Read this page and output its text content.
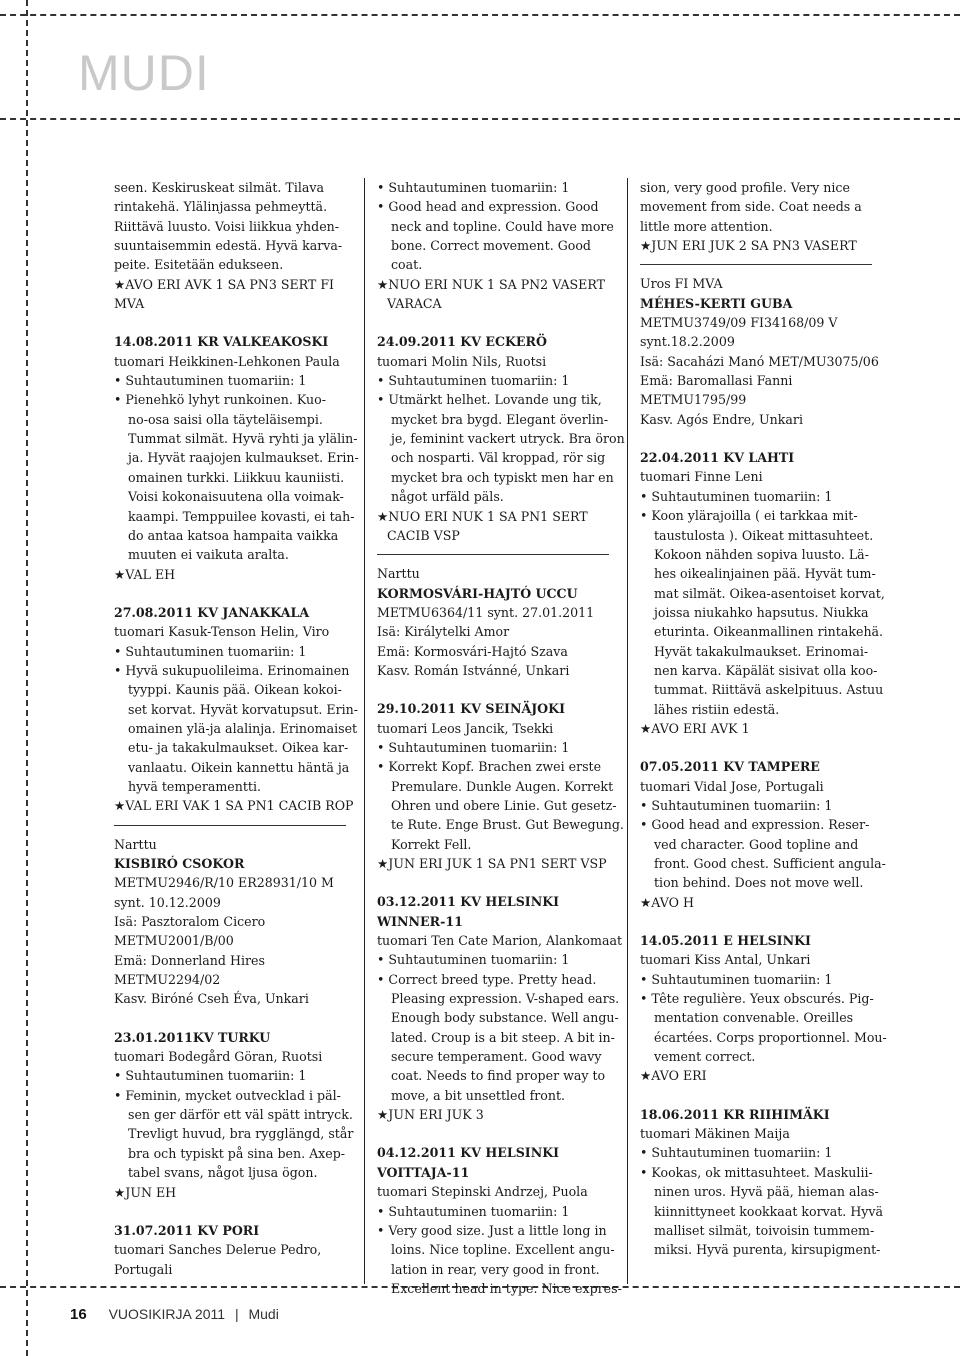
MUDI

seen. Keskiruskeat silmät. Tilava

rintakehä. Ylälinjassa pehmeyttä.

Riittävä luusto. Voisi liikkua yhden-

suuntaisemmin edestä. Hyvä karva-

peite. Esitetään edukseen.

★AVO ERI AVK 1 SA PN3 SERT FI MVA

14.08.2011 KR VALKEAKOSKI

tuomari Heikkinen-Lehkonen Paula

• Suhtautuminen tuomariin: 1

• Pienehkö lyhyt runkoinen. Kuo-

no-osa saisi olla täyteläisempi.

Tummat silmät. Hyvä ryhti ja ylälin-

ja. Hyvät raajojen kulmaukset. Erin-

omainen turkki. Liikkuu kauniisti.

Voisi kokonaisuutena olla voimak-

kaampi. Temppuilee kovasti, ei tah-

do antaa katsoa hampaita vaikka

muuten ei vaikuta aralta.

★VAL EH

27.08.2011 KV JANAKKALA

tuomari Kasuk-Tenson Helin, Viro

• Suhtautuminen tuomariin: 1

• Hyvä sukupuolileima. Erinomainen

tyyppi. Kaunis pää. Oikean kokoi-

set korvat. Hyvät korvatupsut. Erin-

omainen ylä-ja alalinja. Erinomaiset

etu- ja takakulmaukset. Oikea kar-

vanlaatu. Oikein kannettu häntä ja

hyvä temperamentti.

★VAL ERI VAK 1 SA PN1 CACIB ROP

Narttu

KISBIRÓ CSOKOR

METMU2946/R/10 ER28931/10 M

synt. 10.12.2009

Isä: Pasztoralom Cicero

METMU2001/B/00

Emä: Donnerland Hires

METMU2294/02

Kasv. Biróné Cseh Éva, Unkari

23.01.2011KV TURKU

tuomari Bodegård Göran, Ruotsi

• Suhtautuminen tuomariin: 1

• Feminin, mycket outvecklad i päl-

sen ger därför ett väl spätt intryck.

Trevligt huvud, bra rygglängd, står

bra och typiskt på sina ben. Axep-

tabel svans, något ljusa ögon.

★JUN EH

31.07.2011 KV PORI

tuomari Sanches Delerue Pedro,

Portugali

• Suhtautuminen tuomariin: 1

• Good head and expression. Good

neck and topline. Could have more

bone. Correct movement. Good

coat.

★NUO ERI NUK 1 SA PN2 VASERT

VARACA

24.09.2011 KV ECKERÖ

tuomari Molin Nils, Ruotsi

• Suhtautuminen tuomariin: 1

• Utmärkt helhet. Lovande ung tik,

mycket bra bygd. Elegant överlin-

je, feminint vackert utryck. Bra öron

och nosparti. Väl kroppad, rör sig

mycket bra och typiskt men har en

något urfäld päls.

★NUO ERI NUK 1 SA PN1 SERT

CACIB VSP

Narttu

KORMOSVÁRI-HAJTÓ UCCU

METMU6364/11 synt. 27.01.2011

Isä: Királytelki Amor

Emä: Kormosvári-Hajtó Szava

Kasv. Román Istvánné, Unkari

29.10.2011 KV SEINÄJOKI

tuomari Leos Jancik, Tsekki

• Suhtautuminen tuomariin: 1

• Korrekt Kopf. Brachen zwei erste

Premulare. Dunkle Augen. Korrekt

Ohren und obere Linie. Gut gesetz-

te Rute. Enge Brust. Gut Bewegung.

Korrekt Fell.

★JUN ERI JUK 1 SA PN1 SERT VSP

03.12.2011 KV HELSINKI WINNER-11

tuomari Ten Cate Marion, Alankomaat

• Suhtautuminen tuomariin: 1

• Correct breed type. Pretty head.

Pleasing expression. V-shaped ears.

Enough body substance. Well angu-

lated. Croup is a bit steep. A bit in-

secure temperament. Good wavy

coat. Needs to find proper way to

move, a bit unsettled front.

★JUN ERI JUK 3

04.12.2011 KV HELSINKI VOITTAJA-11

tuomari Stepinski Andrzej, Puola

• Suhtautuminen tuomariin: 1

• Very good size. Just a little long in

loins. Nice topline. Excellent angu-

lation in rear, very good in front.

Excellent head in type. Nice expres-

sion, very good profile. Very nice

movement from side. Coat needs a

little more attention.

★JUN ERI JUK 2 SA PN3 VASERT

Uros FI MVA

MÉHES-KERTI GUBA

METMU3749/09 FI34168/09 V

synt.18.2.2009

Isä: Sacaházi Manó MET/MU3075/06

Emä: Baromallasi Fanni

METMU1795/99

Kasv. Agós Endre, Unkari

22.04.2011 KV LAHTI

tuomari Finne Leni

• Suhtautuminen tuomariin: 1

• Koon ylärajoilla ( ei tarkkaa mit-

taustulosta ). Oikeat mittasuhteet.

Kokoon nähden sopiva luusto. Lä-

hes oikealinjainen pää. Hyvät tum-

mat silmät. Oikea-asentoiset korvat,

joissa niukahko hapsutus. Niukka

eturinta. Oikeanmallinen rintakehä.

Hyvät takakulmaukset. Erinomai-

nen karva. Käpälät sisivat olla koo-

tummat. Riittävä askelpituus. Astuu

lähes ristiin edestä.

★AVO ERI AVK 1

07.05.2011 KV TAMPERE

tuomari Vidal Jose, Portugali

• Suhtautuminen tuomariin: 1

• Good head and expression. Reser-

ved character. Good topline and

front. Good chest. Sufficient angula-

tion behind. Does not move well.

★AVO H

14.05.2011 E HELSINKI

tuomari Kiss Antal, Unkari

• Suhtautuminen tuomariin: 1

• Tête regulière. Yeux obscurés. Pig-

mentation convenable. Oreilles

écartées. Corps proportionnel. Mou-

vement correct.

★AVO ERI

18.06.2011 KR RIIHIMÄKI

tuomari Mäkinen Maija

• Suhtautuminen tuomariin: 1

• Kookas, ok mittasuhteet. Maskulii-

ninen uros. Hyvä pää, hieman alas-

kiinnittyneet kookkaat korvat. Hyvä

malliset silmät, toivoisin tummem-

miksi. Hyvä purenta, kirsupigment-

16 VUOSIKIRJA 2011 | Mudi
